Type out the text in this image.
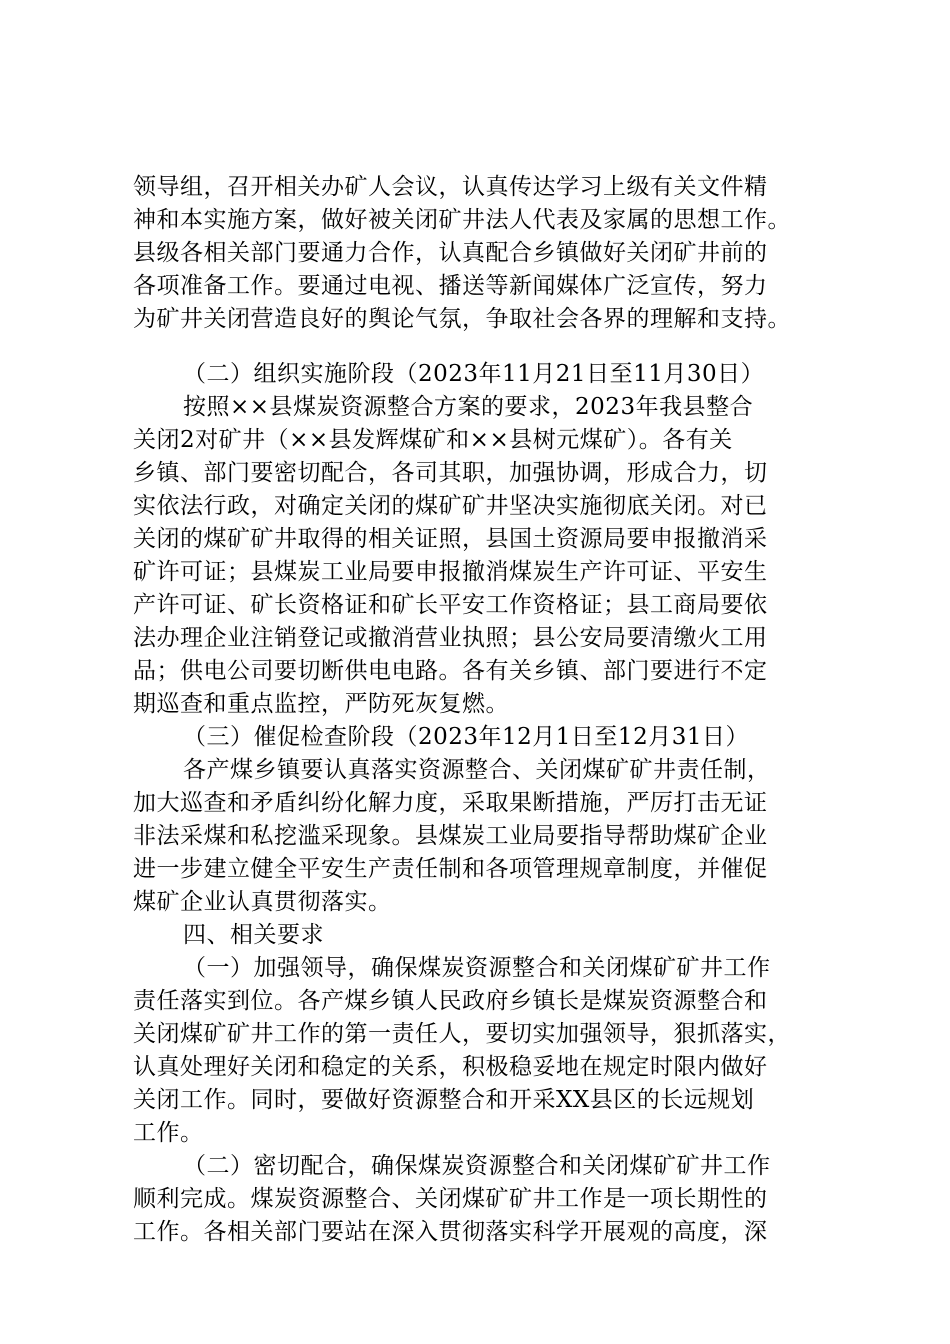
领导组，召开相关办矿人会议，认真传达学习上级有关文件精
神和本实施方案，做好被关闭矿井法人代表及家属的思想工作。
县级各相关部门要通力合作，认真配合乡镇做好关闭矿井前的
各项准备工作。要通过电视、播送等新闻媒体广泛宣传，努力
为矿井关闭营造良好的舆论气氛，争取社会各界的理解和支持。
（二）组织实施阶段（2023年11月21日至11月30日）
按照××县煤炭资源整合方案的要求，2023年我县整合
关闭2对矿井（××县发辉煤矿和××县树元煤矿）。各有关
乡镇、部门要密切配合，各司其职，加强协调，形成合力，切
实依法行政，对确定关闭的煤矿矿井坚决实施彻底关闭。对已
关闭的煤矿矿井取得的相关证照，县国土资源局要申报撤消采
矿许可证；县煤炭工业局要申报撤消煤炭生产许可证、平安生
产许可证、矿长资格证和矿长平安工作资格证；县工商局要依
法办理企业注销登记或撤消营业执照；县公安局要清缴火工用
品；供电公司要切断供电电路。各有关乡镇、部门要进行不定
期巡查和重点监控，严防死灰复燃。
（三）催促检查阶段（2023年12月1日至12月31日）
各产煤乡镇要认真落实资源整合、关闭煤矿矿井责任制，
加大巡查和矛盾纠纷化解力度，采取果断措施，严厉打击无证
非法采煤和私挖滥采现象。县煤炭工业局要指导帮助煤矿企业
进一步建立健全平安生产责任制和各项管理规章制度，并催促
煤矿企业认真贯彻落实。
四、相关要求
（一）加强领导，确保煤炭资源整合和关闭煤矿矿井工作
责任落实到位。各产煤乡镇人民政府乡镇长是煤炭资源整合和
关闭煤矿矿井工作的第一责任人，要切实加强领导，狠抓落实，
认真处理好关闭和稳定的关系，积极稳妥地在规定时限内做好
关闭工作。同时，要做好资源整合和开采XX县区的长远规划
工作。
（二）密切配合，确保煤炭资源整合和关闭煤矿矿井工作
顺利完成。煤炭资源整合、关闭煤矿矿井工作是一项长期性的
工作。各相关部门要站在深入贯彻落实科学开展观的高度，深
